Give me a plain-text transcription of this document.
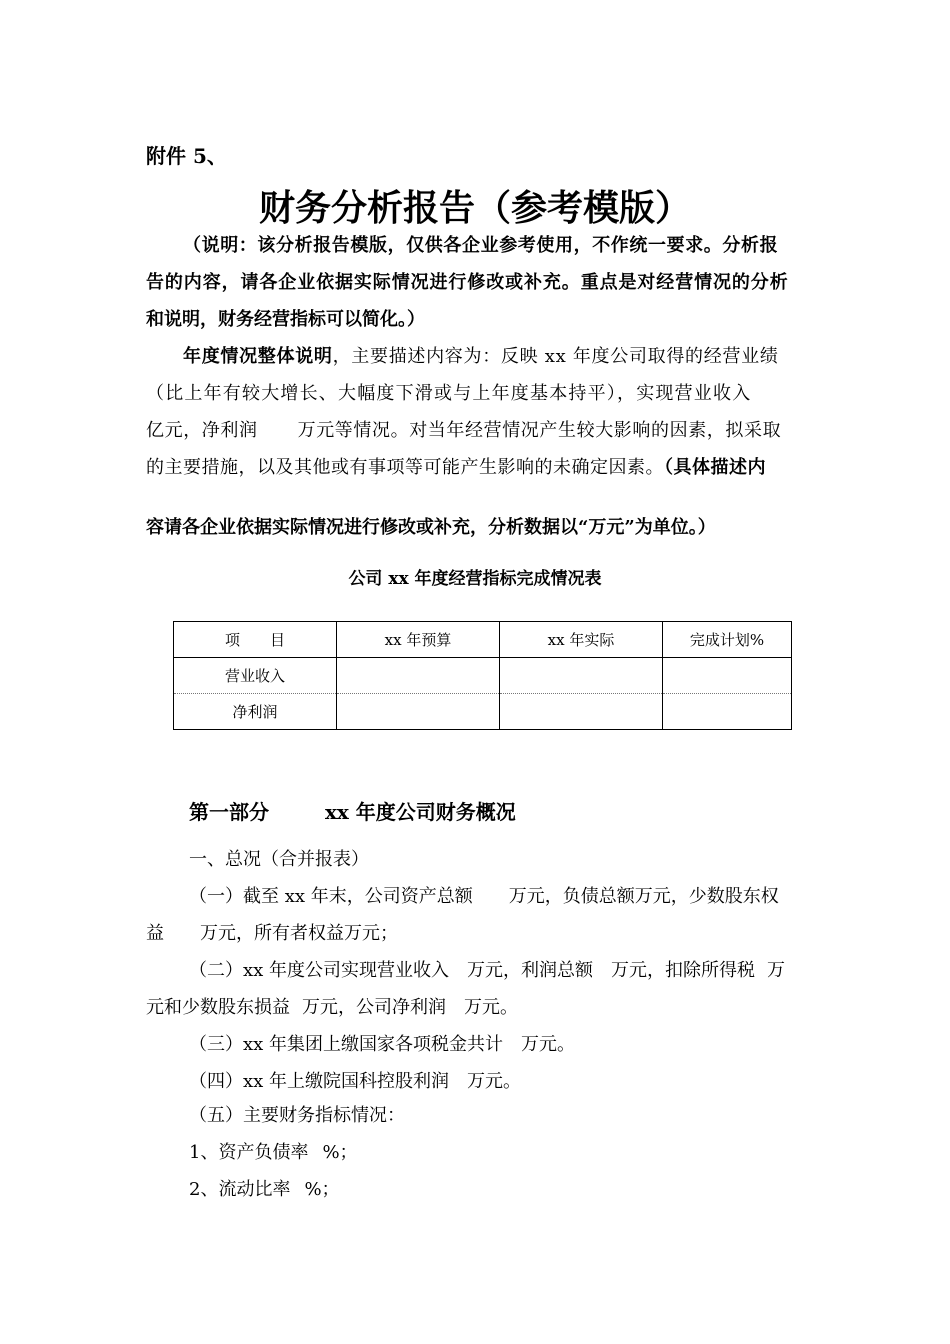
附件 5、
财务分析报告（参考模版）
（说明：该分析报告模版，仅供各企业参考使用，不作统一要求。分析报
告的内容，请各企业依据实际情况进行修改或补充。重点是对经营情况的分析
和说明，财务经营指标可以简化。）
年度情况整体说明，主要描述内容为：反映 xx 年度公司取得的经营业绩
（比上年有较大增长、大幅度下滑或与上年度基本持平），实现营业收入
亿元，净利润 万元等情况。对当年经营情况产生较大影响的因素，拟采取
的主要措施，以及其他或有事项等可能产生影响的未确定因素。（具体描述内
容请各企业依据实际情况进行修改或补充，分析数据以“万元”为单位。）
公司 xx 年度经营指标完成情况表
项　　目	xx 年预算	xx 年实际	完成计划%
营业收入			
净利润			
第一部分	xx 年度公司财务概况
一、总况（合并报表）
（一）截至 xx 年末，公司资产总额 万元，负债总额万元，少数股东权
益 万元，所有者权益万元；
（二）xx 年度公司实现营业收入 万元，利润总额 万元，扣除所得税 万
元和少数股东损益 万元，公司净利润 万元。
（三）xx 年集团上缴国家各项税金共计 万元。
（四）xx 年上缴院国科控股利润 万元。
（五）主要财务指标情况：
1、资产负债率 %；
2、流动比率 %；
